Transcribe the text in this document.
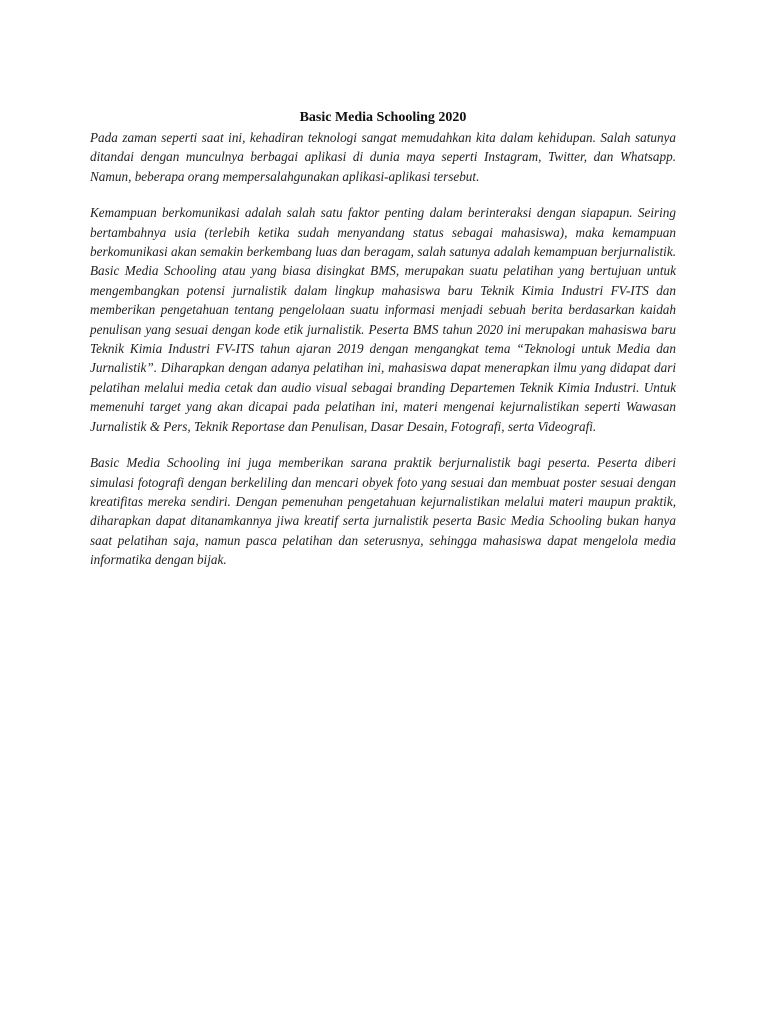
Basic Media Schooling 2020

Pada zaman seperti saat ini, kehadiran teknologi sangat memudahkan kita dalam kehidupan. Salah satunya ditandai dengan munculnya berbagai aplikasi di dunia maya seperti Instagram, Twitter, dan Whatsapp. Namun, beberapa orang mempersalahgunakan aplikasi-aplikasi tersebut.

Kemampuan berkomunikasi adalah salah satu faktor penting dalam berinteraksi dengan siapapun. Seiring bertambahnya usia (terlebih ketika sudah menyandang status sebagai mahasiswa), maka kemampuan berkomunikasi akan semakin berkembang luas dan beragam, salah satunya adalah kemampuan berjurnalistik. Basic Media Schooling atau yang biasa disingkat BMS, merupakan suatu pelatihan yang bertujuan untuk mengembangkan potensi jurnalistik dalam lingkup mahasiswa baru Teknik Kimia Industri FV-ITS dan memberikan pengetahuan tentang pengelolaan suatu informasi menjadi sebuah berita berdasarkan kaidah penulisan yang sesuai dengan kode etik jurnalistik. Peserta BMS tahun 2020 ini merupakan mahasiswa baru Teknik Kimia Industri FV-ITS tahun ajaran 2019 dengan mengangkat tema “Teknologi untuk Media dan Jurnalistik”. Diharapkan dengan adanya pelatihan ini, mahasiswa dapat menerapkan ilmu yang didapat dari pelatihan melalui media cetak dan audio visual sebagai branding Departemen Teknik Kimia Industri. Untuk memenuhi target yang akan dicapai pada pelatihan ini, materi mengenai kejurnalistikan seperti Wawasan Jurnalistik & Pers, Teknik Reportase dan Penulisan, Dasar Desain, Fotografi, serta Videografi.

Basic Media Schooling ini juga memberikan sarana praktik berjurnalistik bagi peserta. Peserta diberi simulasi fotografi dengan berkeliling dan mencari obyek foto yang sesuai dan membuat poster sesuai dengan kreatifitas mereka sendiri. Dengan pemenuhan pengetahuan kejurnalistikan melalui materi maupun praktik, diharapkan dapat ditanamkannya jiwa kreatif serta jurnalistik peserta Basic Media Schooling bukan hanya saat pelatihan saja, namun pasca pelatihan dan seterusnya, sehingga mahasiswa dapat mengelola media informatika dengan bijak.
